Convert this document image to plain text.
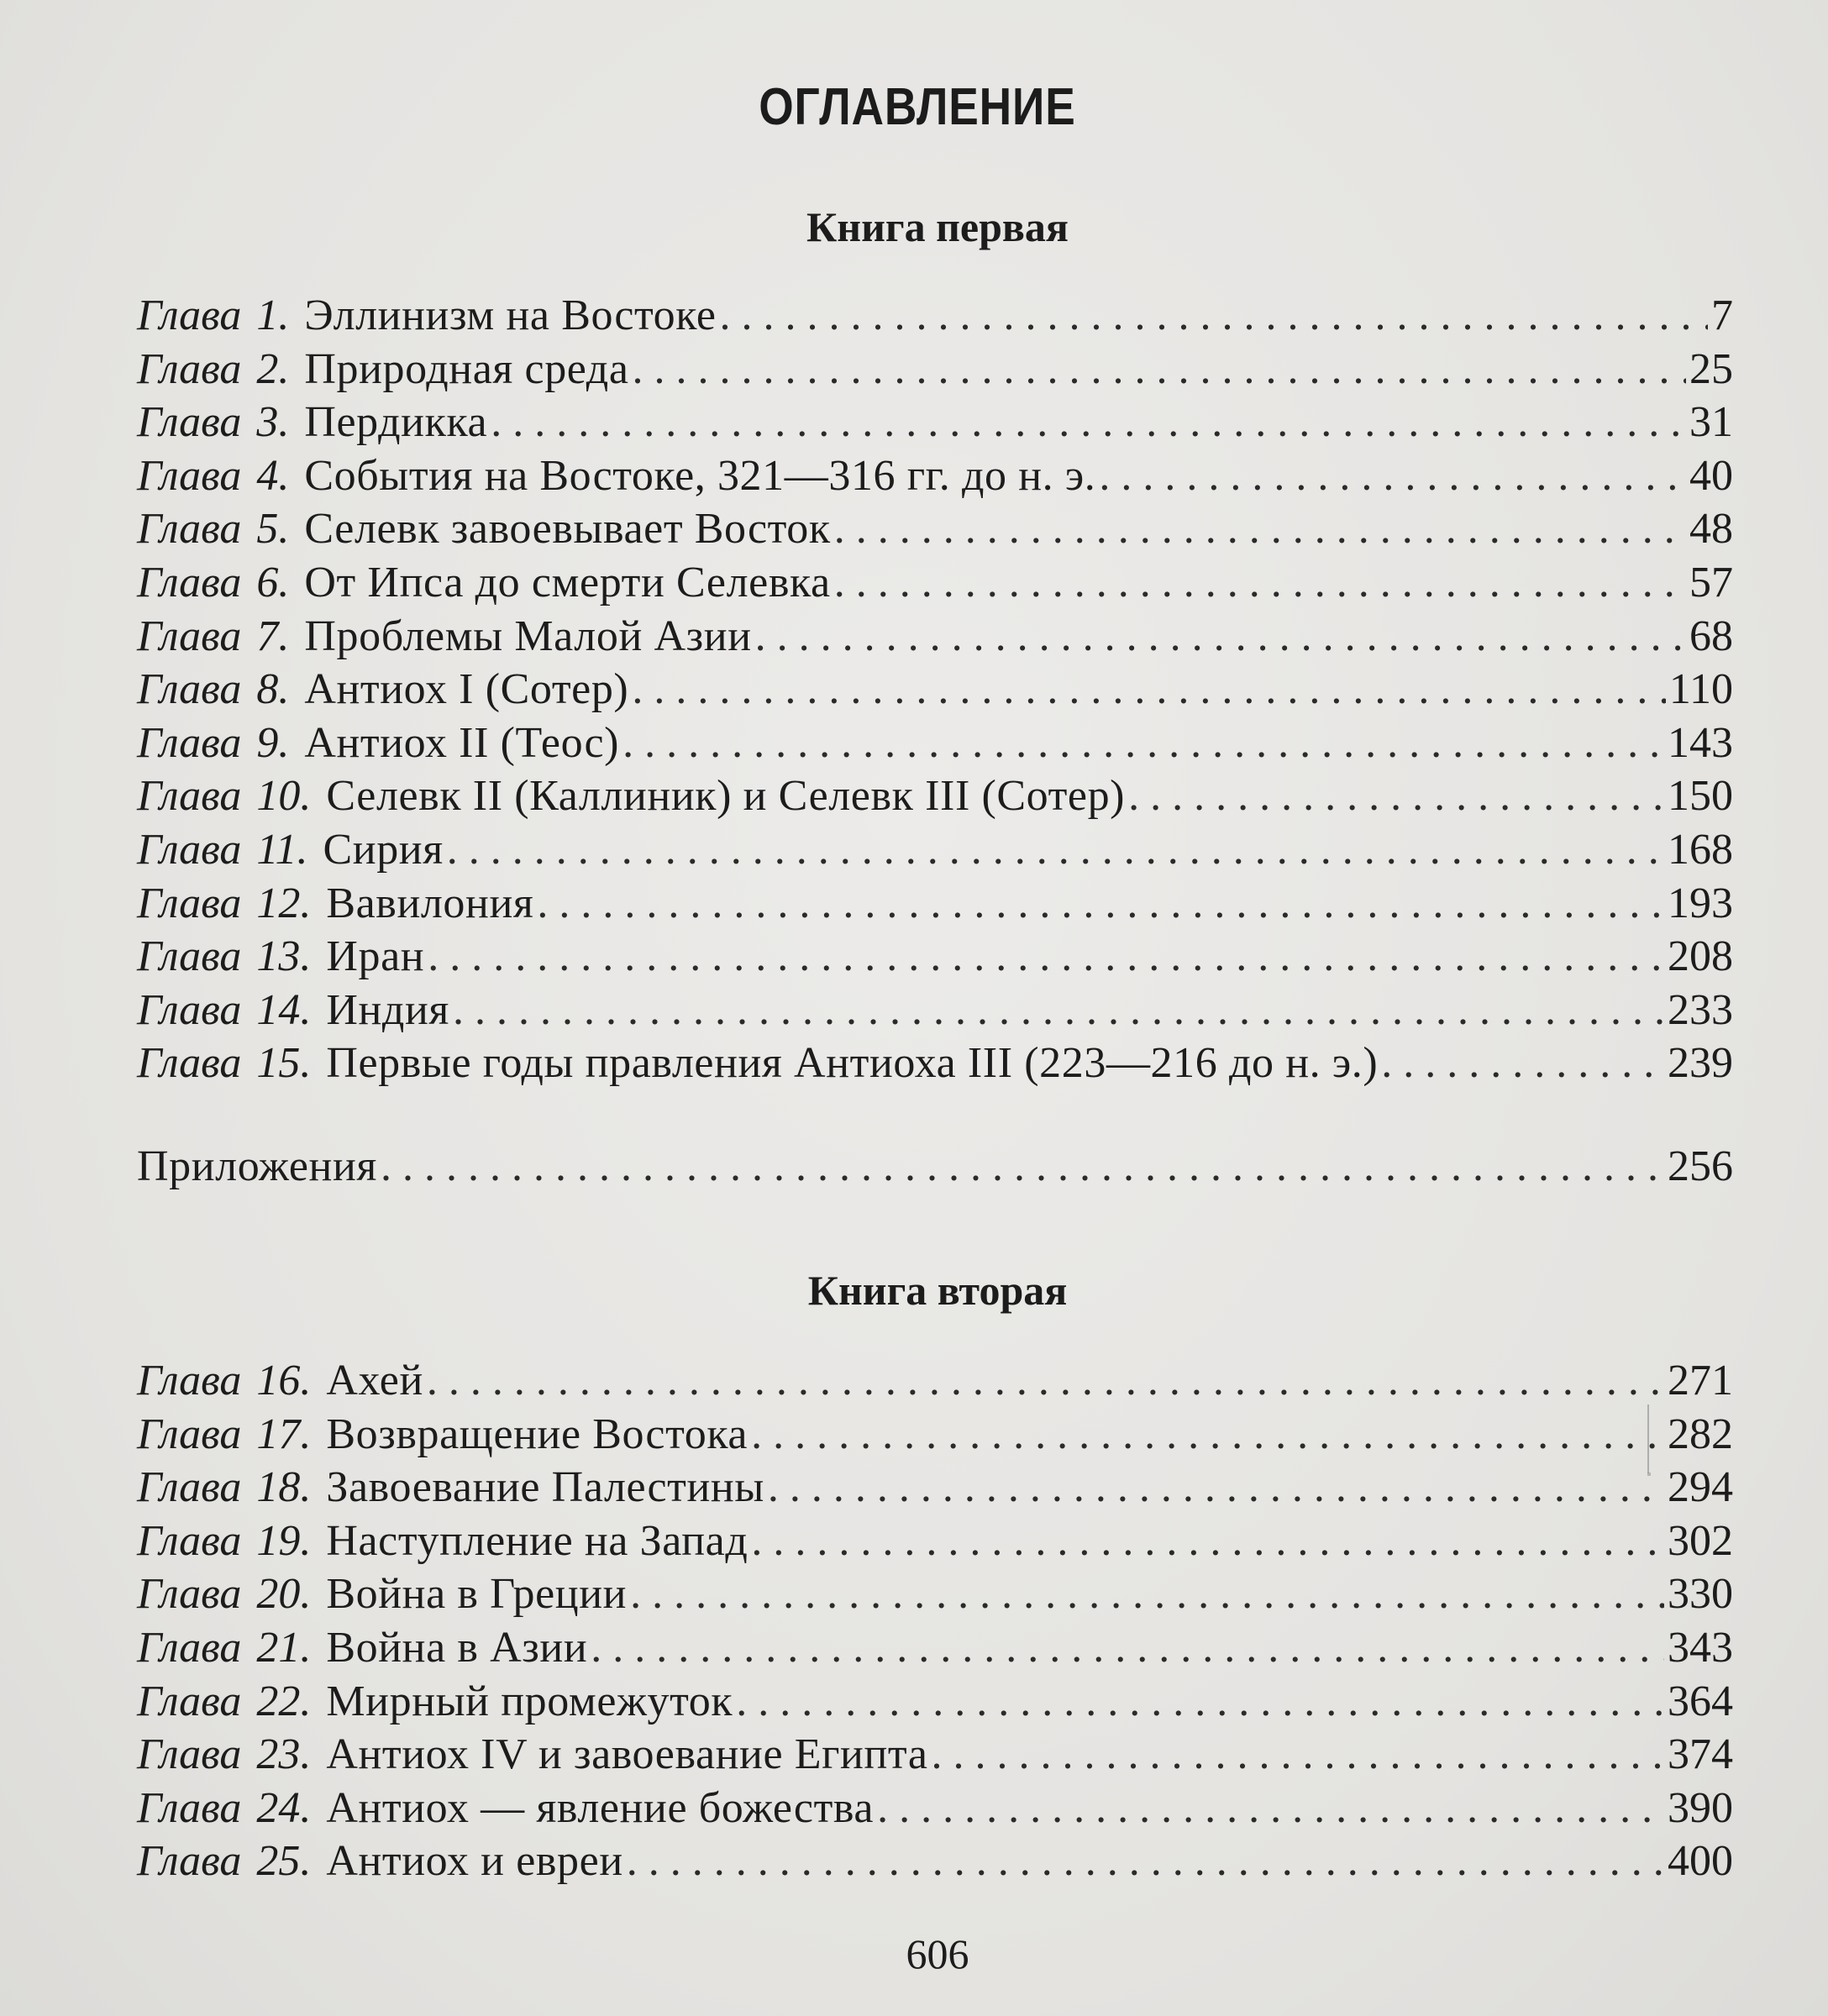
ОГЛАВЛЕНИЕ
Книга первая
Глава 1. Эллинизм на Востоке . . .	7
Глава 2. Природная среда . . .	25
Глава 3. Пердикка . . .	31
Глава 4. События на Востоке, 321—316 гг. до н. э. . . .	40
Глава 5. Селевк завоевывает Восток . . .	48
Глава 6. От Ипса до смерти Селевка . . .	57
Глава 7. Проблемы Малой Азии . . .	68
Глава 8. Антиох I (Сотер) . . .	110
Глава 9. Антиох II (Теос) . . .	143
Глава 10. Селевк II (Каллиник) и Селевк III (Сотер) . . .	150
Глава 11. Сирия . . .	168
Глава 12. Вавилония . . .	193
Глава 13. Иран . . .	208
Глава 14. Индия . . .	233
Глава 15. Первые годы правления Антиоха III (223—216 до н. э.) . . .	239
Приложения . . .	256
Книга вторая
Глава 16. Ахей . . .	271
Глава 17. Возвращение Востока . . .	282
Глава 18. Завоевание Палестины . . .	294
Глава 19. Наступление на Запад . . .	302
Глава 20. Война в Греции . . .	330
Глава 21. Война в Азии . . .	343
Глава 22. Мирный промежуток . . .	364
Глава 23. Антиох IV и завоевание Египта . . .	374
Глава 24. Антиох — явление божества . . .	390
Глава 25. Антиох и евреи . . .	400
606
